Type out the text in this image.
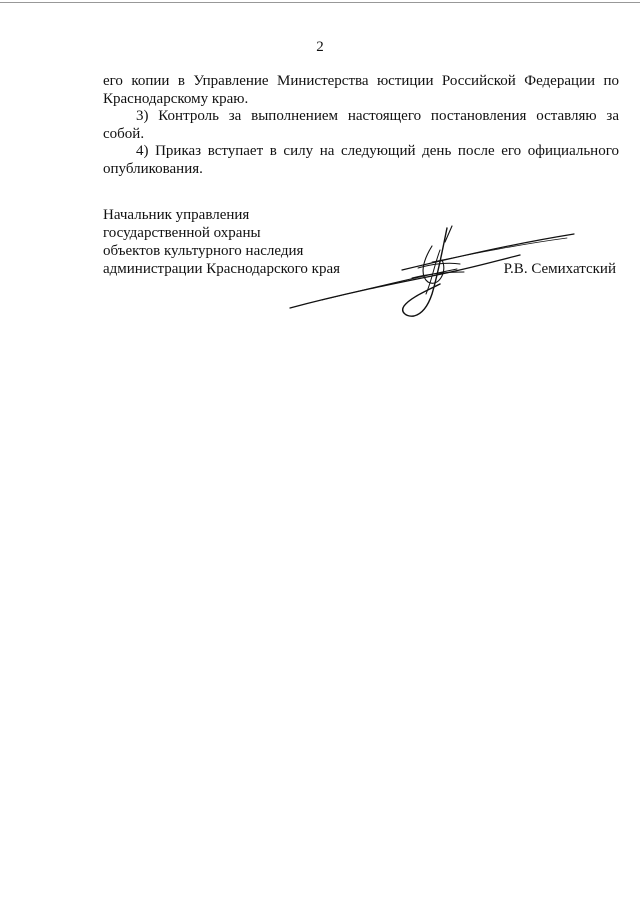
2

его копии в Управление Министерства юстиции Российской Федерации по Краснодарскому краю.

3) Контроль за выполнением настоящего постановления оставляю за собой.

4) Приказ вступает в силу на следующий день после его официального опубликования.

Начальник управления
государственной охраны
объектов культурного наследия
администрации Краснодарского края	Р.В. Семихатский
